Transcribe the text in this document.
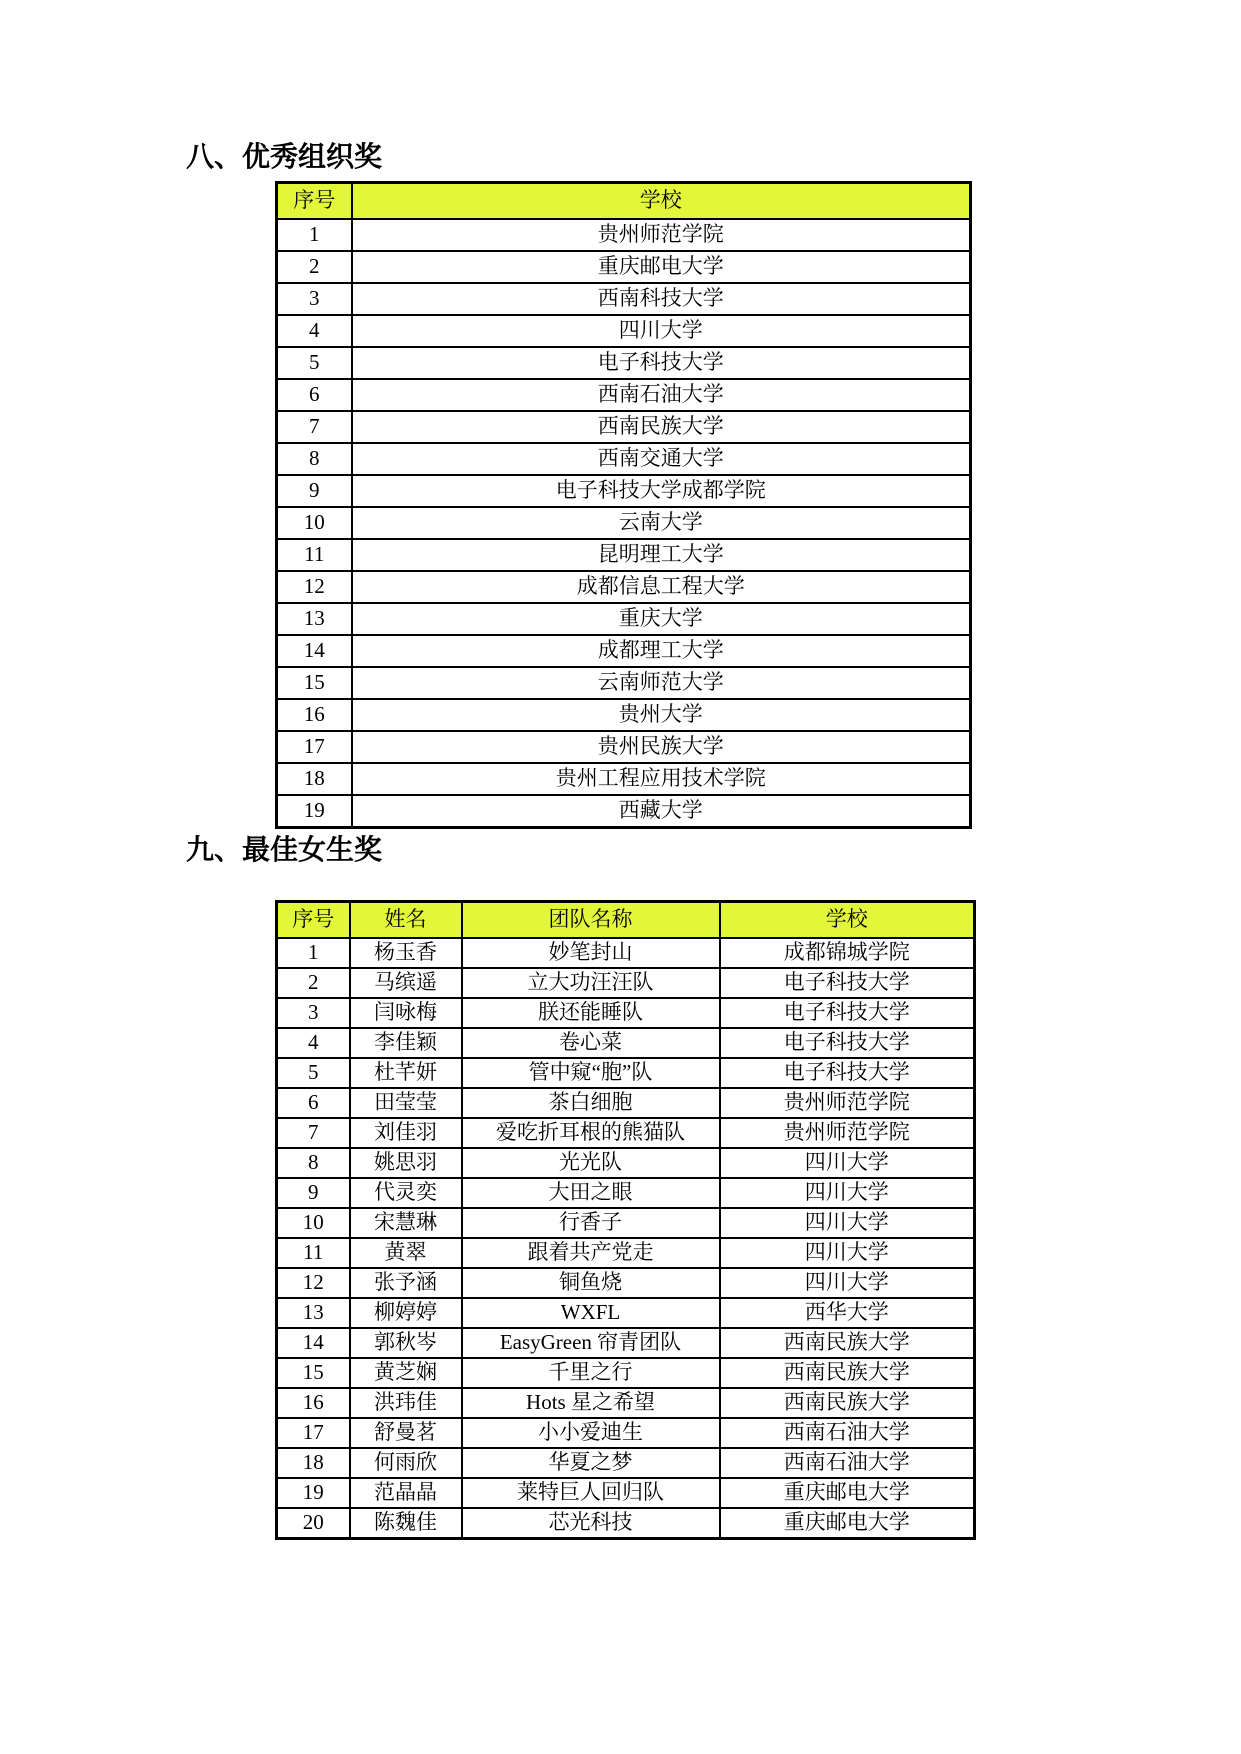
八、优秀组织奖
序号	学校
1	贵州师范学院
2	重庆邮电大学
3	西南科技大学
4	四川大学
5	电子科技大学
6	西南石油大学
7	西南民族大学
8	西南交通大学
9	电子科技大学成都学院
10	云南大学
11	昆明理工大学
12	成都信息工程大学
13	重庆大学
14	成都理工大学
15	云南师范大学
16	贵州大学
17	贵州民族大学
18	贵州工程应用技术学院
19	西藏大学
九、最佳女生奖
序号	姓名	团队名称	学校
1	杨玉香	妙笔封山	成都锦城学院
2	马缤遥	立大功汪汪队	电子科技大学
3	闫咏梅	朕还能睡队	电子科技大学
4	李佳颖	卷心菜	电子科技大学
5	杜芊妍	管中窥“胞”队	电子科技大学
6	田莹莹	茶白细胞	贵州师范学院
7	刘佳羽	爱吃折耳根的熊猫队	贵州师范学院
8	姚思羽	光光队	四川大学
9	代灵奕	大田之眼	四川大学
10	宋慧琳	行香子	四川大学
11	黄翠	跟着共产党走	四川大学
12	张予涵	铜鱼烧	四川大学
13	柳婷婷	WXFL	西华大学
14	郭秋岑	EasyGreen 帘青团队	西南民族大学
15	黄芝娴	千里之行	西南民族大学
16	洪玮佳	Hots 星之希望	西南民族大学
17	舒曼茗	小小爱迪生	西南石油大学
18	何雨欣	华夏之梦	西南石油大学
19	范晶晶	莱特巨人回归队	重庆邮电大学
20	陈魏佳	芯光科技	重庆邮电大学
